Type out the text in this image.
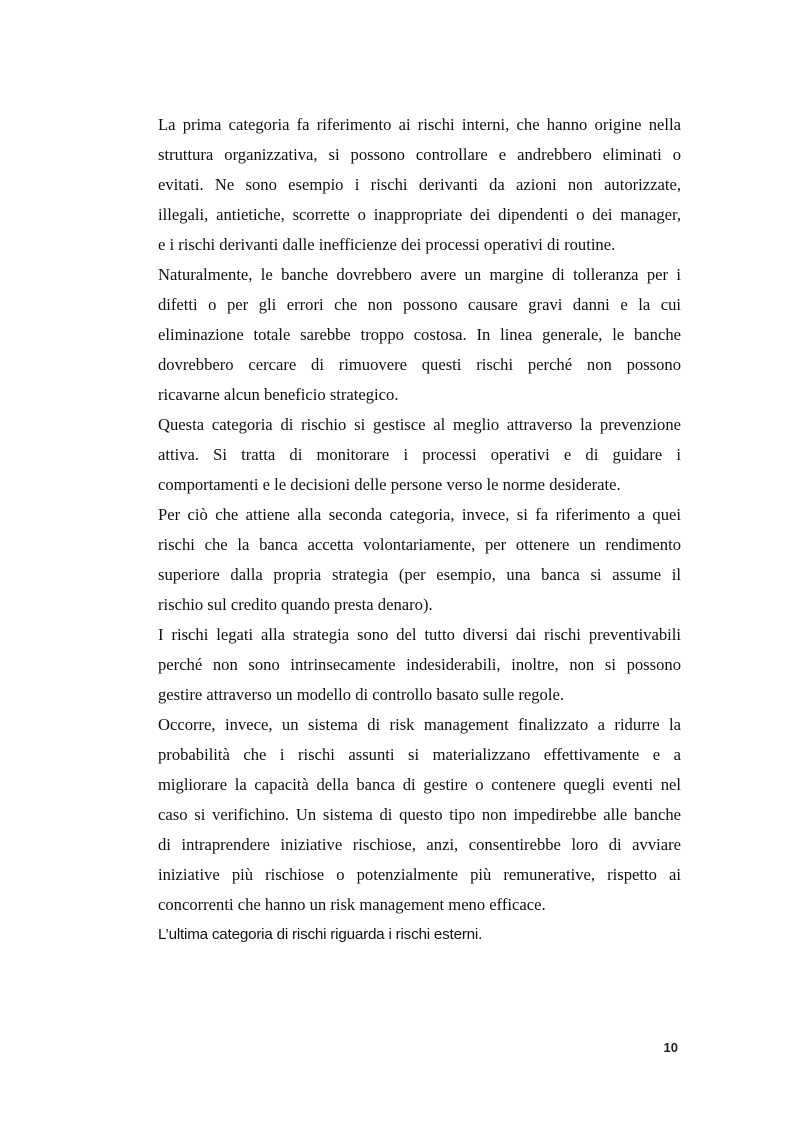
La prima categoria fa riferimento ai rischi interni, che hanno origine nella
struttura organizzativa, si possono controllare e andrebbero eliminati o
evitati. Ne sono esempio i rischi derivanti da azioni non autorizzate,
illegali, antietiche, scorrette o inappropriate dei dipendenti o dei manager,
e i rischi derivanti dalle inefficienze dei processi operativi di routine.

Naturalmente, le banche dovrebbero avere un margine di tolleranza per i
difetti o per gli errori che non possono causare gravi danni e la cui
eliminazione totale sarebbe troppo costosa. In linea generale, le banche
dovrebbero cercare di rimuovere questi rischi perché non possono
ricavarne alcun beneficio strategico.

Questa categoria di rischio si gestisce al meglio attraverso la prevenzione
attiva. Si tratta di monitorare i processi operativi e di guidare i
comportamenti e le decisioni delle persone verso le norme desiderate.

Per ciò che attiene alla seconda categoria, invece, si fa riferimento a quei
rischi che la banca accetta volontariamente, per ottenere un rendimento
superiore dalla propria strategia (per esempio, una banca si assume il
rischio sul credito quando presta denaro).

I rischi legati alla strategia sono del tutto diversi dai rischi preventivabili
perché non sono intrinsecamente indesiderabili, inoltre, non si possono
gestire attraverso un modello di controllo basato sulle regole.

Occorre, invece, un sistema di risk management finalizzato a ridurre la
probabilità che i rischi assunti si materializzano effettivamente e a
migliorare la capacità della banca di gestire o contenere quegli eventi nel
caso si verifichino. Un sistema di questo tipo non impedirebbe alle banche
di intraprendere iniziative rischiose, anzi, consentirebbe loro di avviare
iniziative più rischiose o potenzialmente più remunerative, rispetto ai
concorrenti che hanno un risk management meno efficace.

L’ultima categoria di rischi riguarda i rischi esterni.

10
